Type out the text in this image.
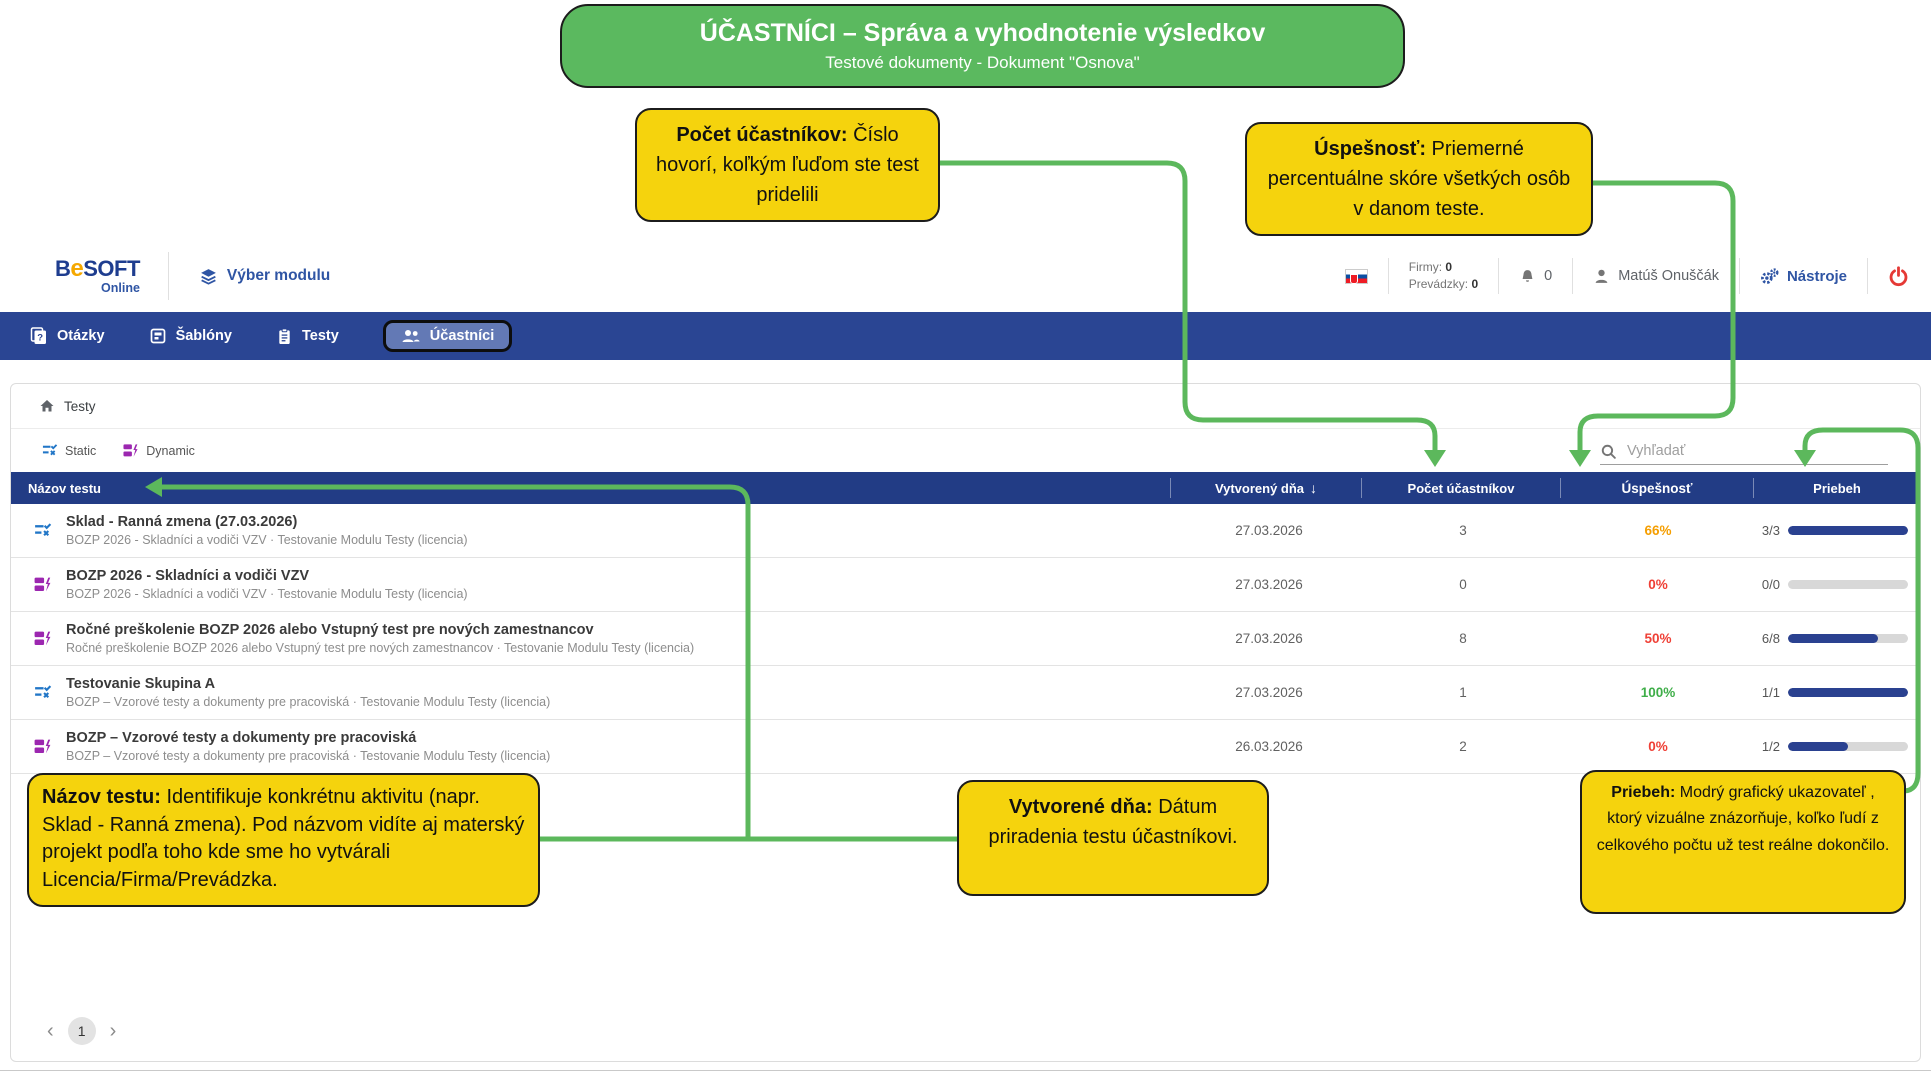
BeSOFT
Online
Výber modulu
Firmy: 0
Prevádzky: 0	0	Matúš Onuščák	Nástroje
? Otázky	Šablóny	Testy	Účastníci
Testy
Static	Dynamic
Vyhľadať
Názov testu	Vytvorený dňa ↓	Počet účastníkov	Úspešnosť	Priebeh
Sklad - Ranná zmena (27.03.2026)
BOZP 2026 - Skladníci a vodiči VZV · Testovanie Modulu Testy (licencia)
27.03.2026	3	66%	3/3
BOZP 2026 - Skladníci a vodiči VZV
BOZP 2026 - Skladníci a vodiči VZV · Testovanie Modulu Testy (licencia)
27.03.2026	0	0%	0/0
Ročné preškolenie BOZP 2026 alebo Vstupný test pre nových zamestnancov
Ročné preškolenie BOZP 2026 alebo Vstupný test pre nových zamestnancov · Testovanie Modulu Testy (licencia)
27.03.2026	8	50%	6/8
Testovanie Skupina A
BOZP – Vzorové testy a dokumenty pre pracoviská · Testovanie Modulu Testy (licencia)
27.03.2026	1	100%	1/1
BOZP – Vzorové testy a dokumenty pre pracoviská
BOZP – Vzorové testy a dokumenty pre pracoviská · Testovanie Modulu Testy (licencia)
26.03.2026	2	0%	1/2
‹	1	›
ÚČASTNÍCI – Správa a vyhodnotenie výsledkov
Testové dokumenty - Dokument "Osnova"
Počet účastníkov: Číslo hovorí, koľkým ľuďom ste test pridelili
Úspešnosť: Priemerné percentuálne skóre všetkých osôb v danom teste.
Názov testu: Identifikuje konkrétnu aktivitu (napr. Sklad - Ranná zmena). Pod názvom vidíte aj materský projekt podľa toho kde sme ho vytvárali Licencia/Firma/Prevádzka.
Vytvorené dňa: Dátum priradenia testu účastníkovi.
Priebeh: Modrý grafický ukazovateľ , ktorý vizuálne znázorňuje, koľko ľudí z celkového počtu už test reálne dokončilo.
